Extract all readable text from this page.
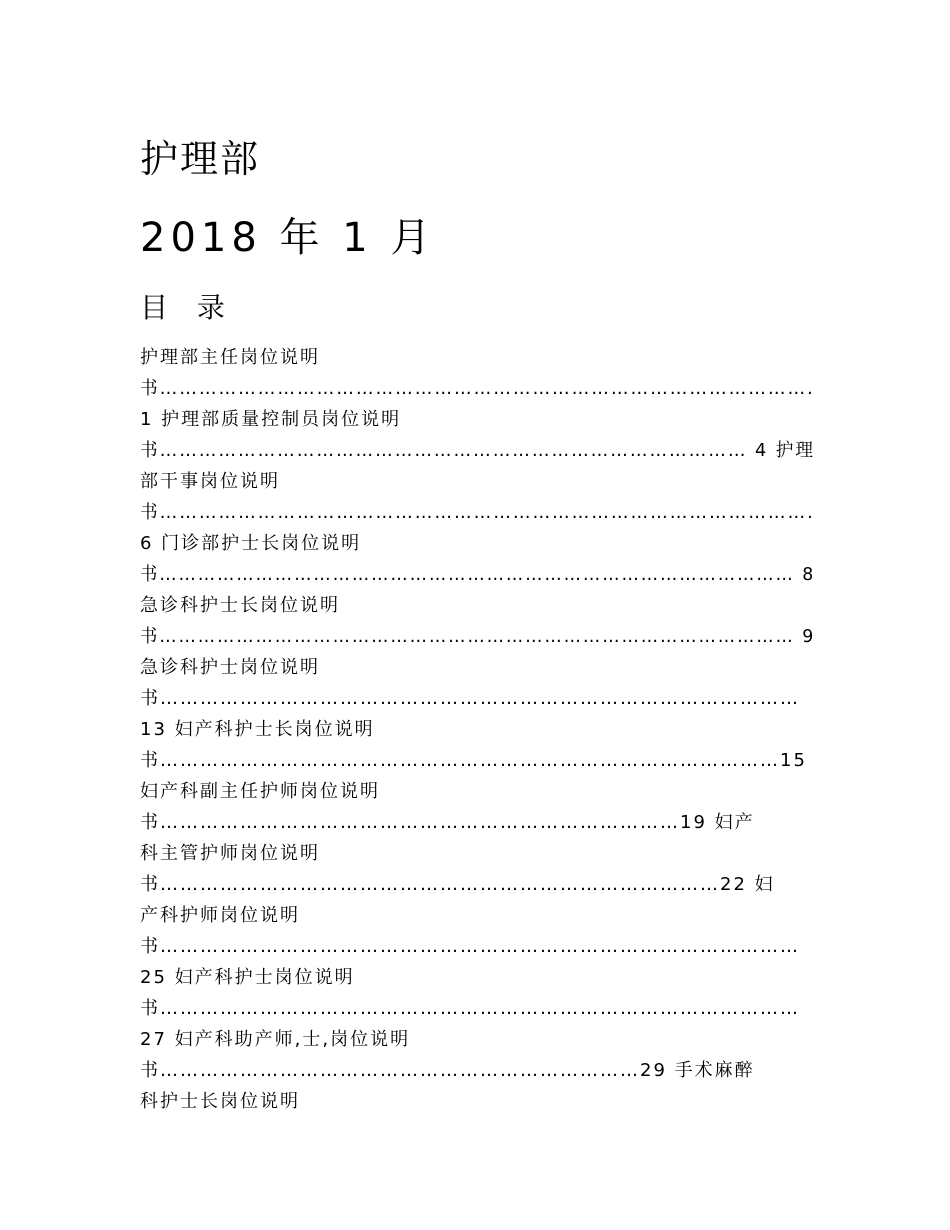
护理部
2018 年 1 月
目 录
护理部主任岗位说明
书……………………………………………………………………………………….
1 护理部质量控制员岗位说明
书……………………………………………………………………………… 4 护理
部干事岗位说明
书……………………………………………………………………………………….
6 门诊部护士长岗位说明
书……………………………………………………………………………………… 8
急诊科护士长岗位说明
书……………………………………………………………………………………… 9
急诊科护士岗位说明
书……………………………………………………………………………………
13 妇产科护士长岗位说明
书…………………………………………………………………………………15
妇产科副主任护师岗位说明
书……………………………………………………………………19 妇产
科主管护师岗位说明
书…………………………………………………………………………22 妇
产科护师岗位说明
书……………………………………………………………………………………
25 妇产科护士岗位说明
书……………………………………………………………………………………
27 妇产科助产师,士,岗位说明
书………………………………………………………………29 手术麻醉
科护士长岗位说明
